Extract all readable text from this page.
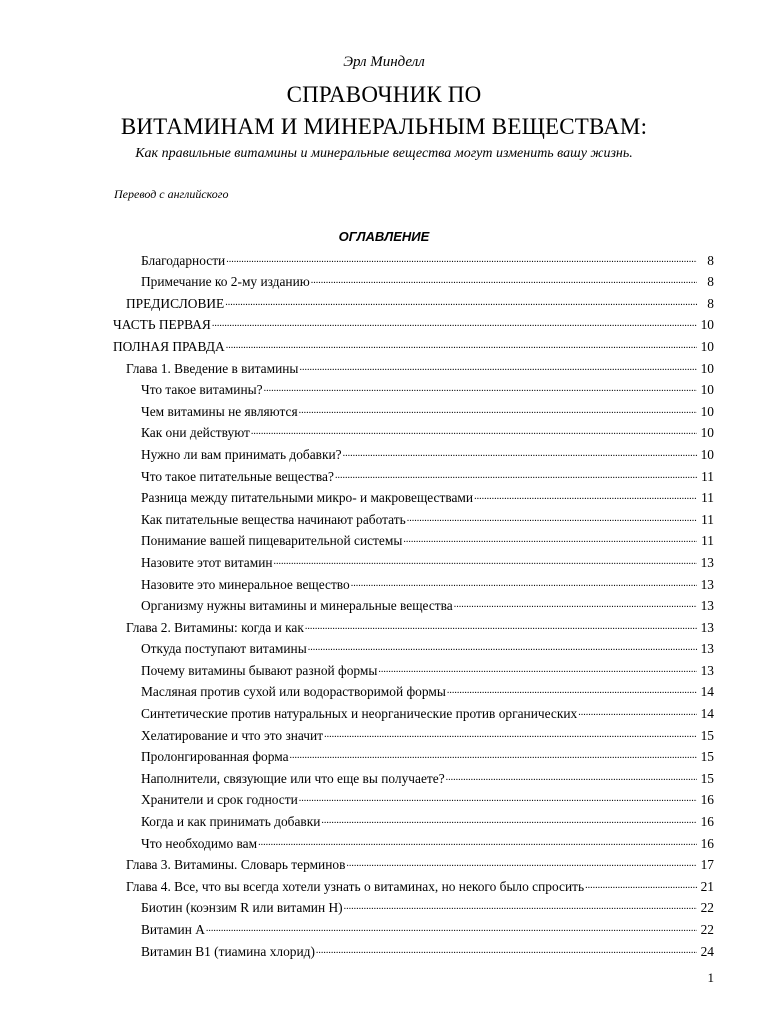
Эрл Минделл
СПРАВОЧНИК ПО
ВИТАМИНАМ И МИНЕРАЛЬНЫМ ВЕЩЕСТВАМ:
Как правильные витамины и минеральные вещества могут изменить вашу жизнь.
Перевод с английского
ОГЛАВЛЕНИЕ
Благодарности .....	8
Примечание ко 2-му изданию .....	8
ПРЕДИСЛОВИЕ .....	8
ЧАСТЬ ПЕРВАЯ .....	10
ПОЛНАЯ ПРАВДА .....	10
Глава 1. Введение в витамины .....	10
Что такое витамины? .....	10
Чем витамины не являются .....	10
Как они действуют .....	10
Нужно ли вам принимать добавки? .....	10
Что такое питательные вещества? .....	11
Разница между питательными микро- и макровеществами .....	11
Как питательные вещества начинают работать .....	11
Понимание вашей пищеварительной системы .....	11
Назовите этот витамин .....	13
Назовите это минеральное вещество .....	13
Организму нужны витамины и минеральные вещества .....	13
Глава 2. Витамины: когда и как .....	13
Откуда поступают витамины .....	13
Почему витамины бывают разной формы .....	13
Масляная против сухой или водорастворимой формы .....	14
Синтетические против натуральных и неорганические против органических .....	14
Хелатирование и что это значит .....	15
Пролонгированная форма .....	15
Наполнители, связующие или что еще вы получаете? .....	15
Хранители и срок годности .....	16
Когда и как принимать добавки .....	16
Что необходимо вам .....	16
Глава 3. Витамины. Словарь терминов .....	17
Глава 4. Все, что вы всегда хотели узнать о витаминах, но некого было спросить .....	21
Биотин (коэнзим R или витамин H) .....	22
Витамин А .....	22
Витамин В1 (тиамина хлорид) .....	24
1
